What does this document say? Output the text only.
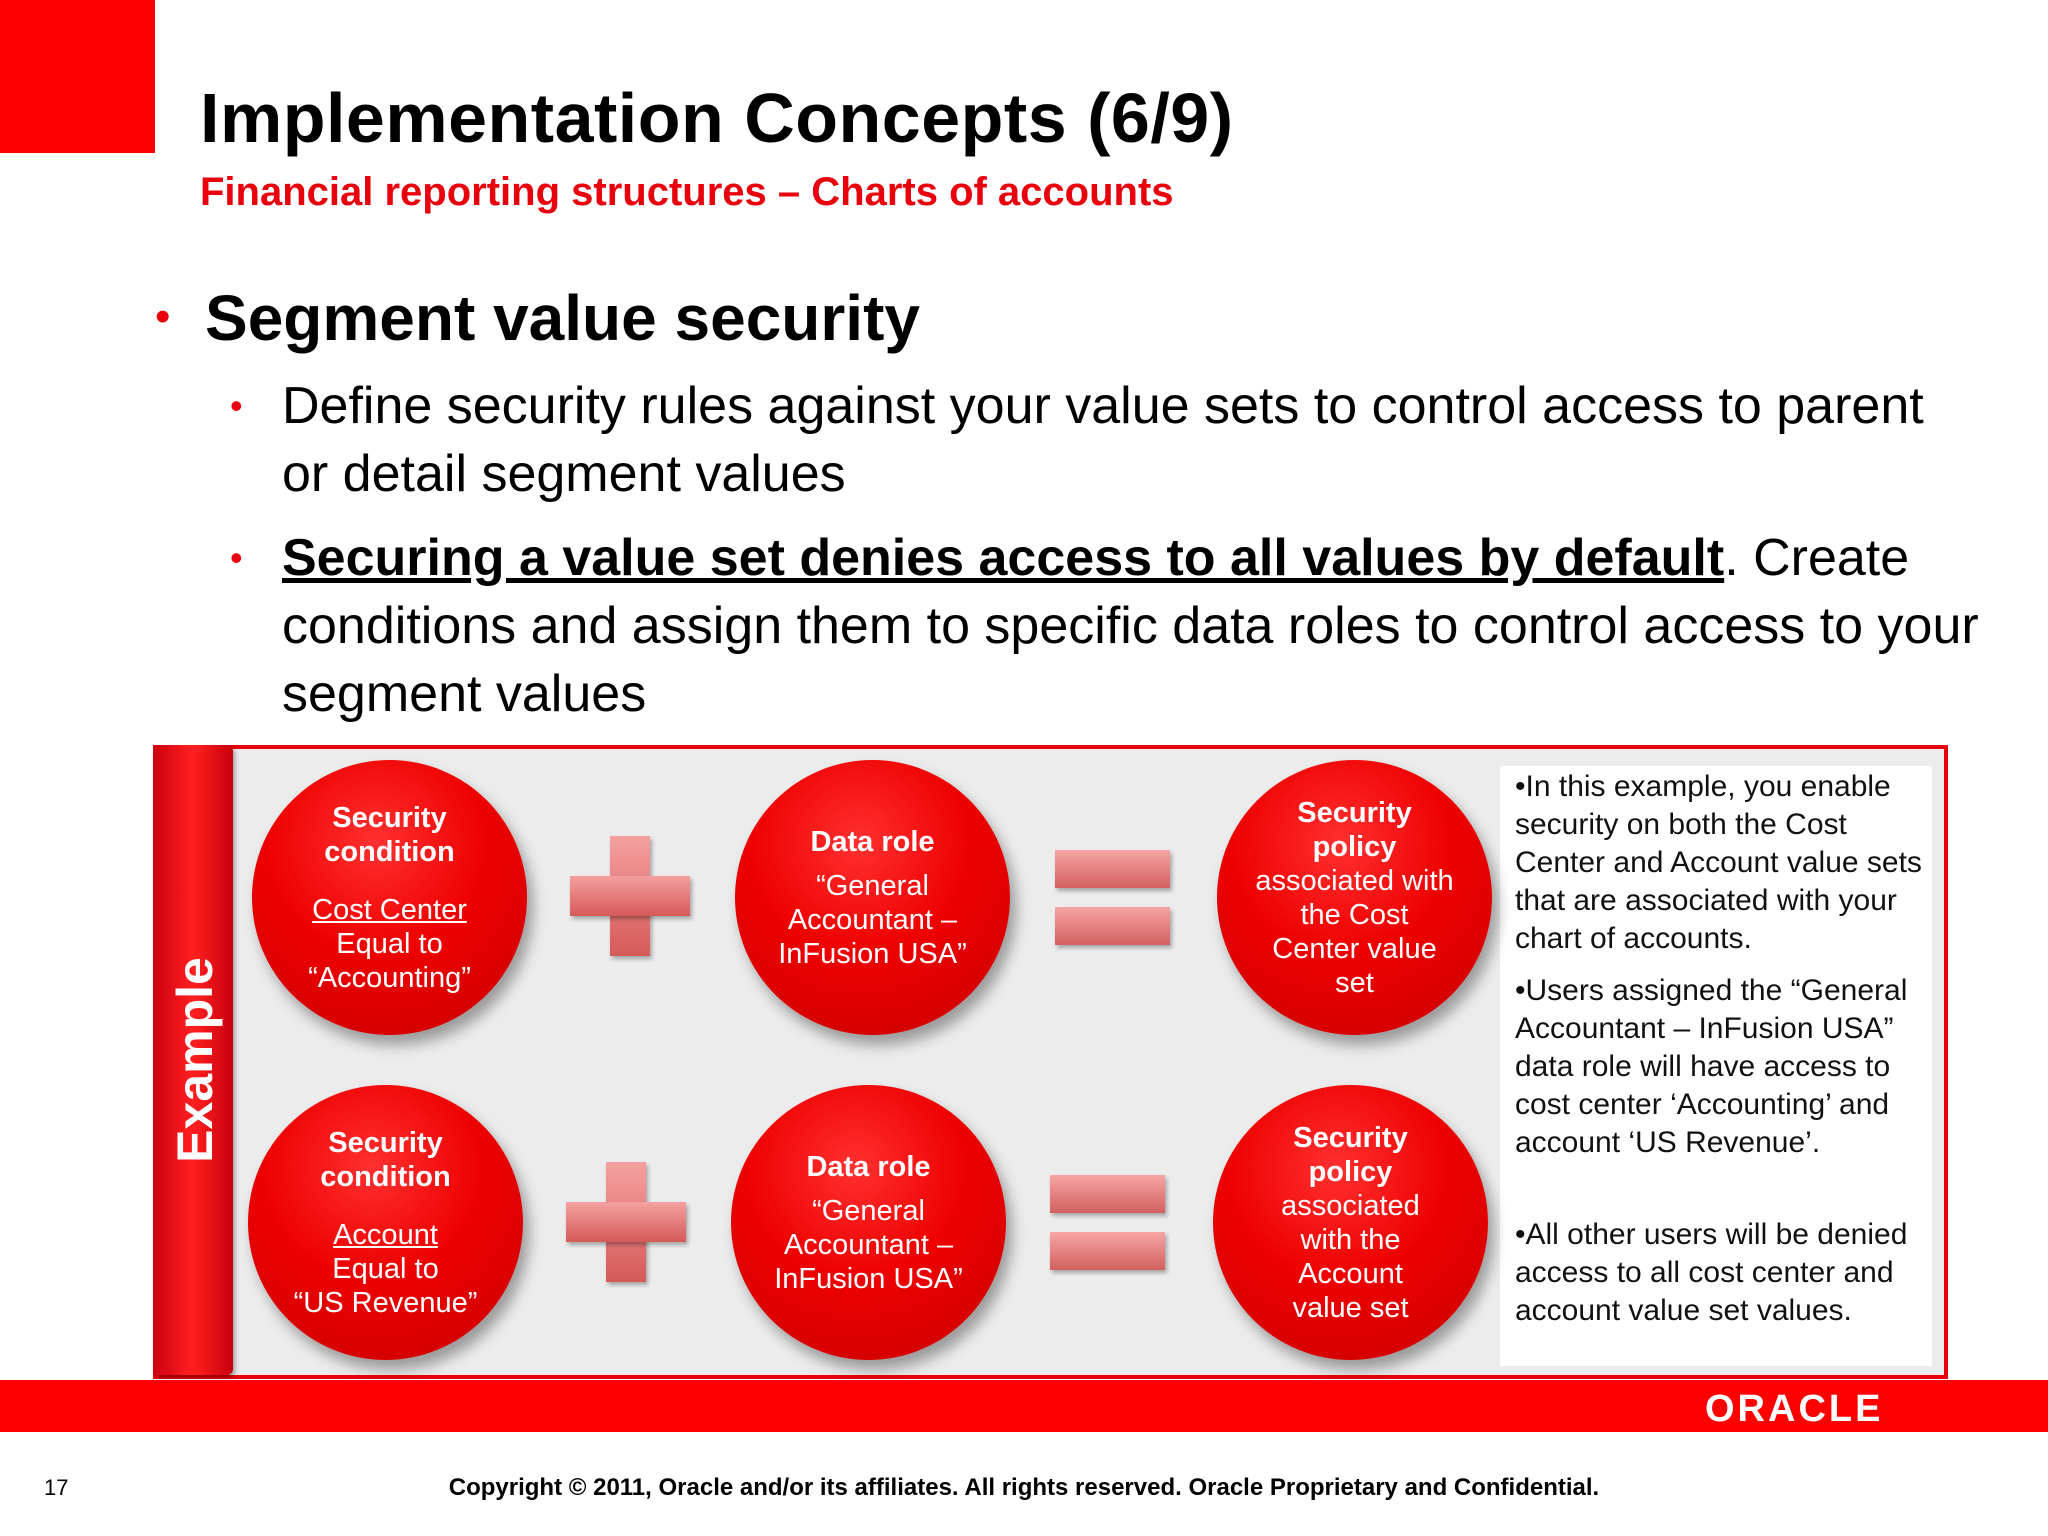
Implementation Concepts (6/9)
Financial reporting structures – Charts of accounts
• Segment value security
• Define security rules against your value sets to control access to parent or detail segment values
• Securing a value set denies access to all values by default. Create conditions and assign them to specific data roles to control access to your segment values
Example
Security condition
Cost Center
Equal to
“Accounting”
Data role
“General Accountant – InFusion USA”
Security policy
associated with the Cost Center value set
Security condition
Account
Equal to
“US Revenue”
Data role
“General Accountant – InFusion USA”
Security policy
associated with the Account value set
•In this example, you enable security on both the Cost Center and Account value sets that are associated with your chart of accounts.
•Users assigned the “General Accountant – InFusion USA” data role will have access to cost center ‘Accounting’ and account ‘US Revenue’.
•All other users will be denied access to all cost center and account value set values.
ORACLE
17	Copyright © 2011, Oracle and/or its affiliates. All rights reserved. Oracle Proprietary and Confidential.
